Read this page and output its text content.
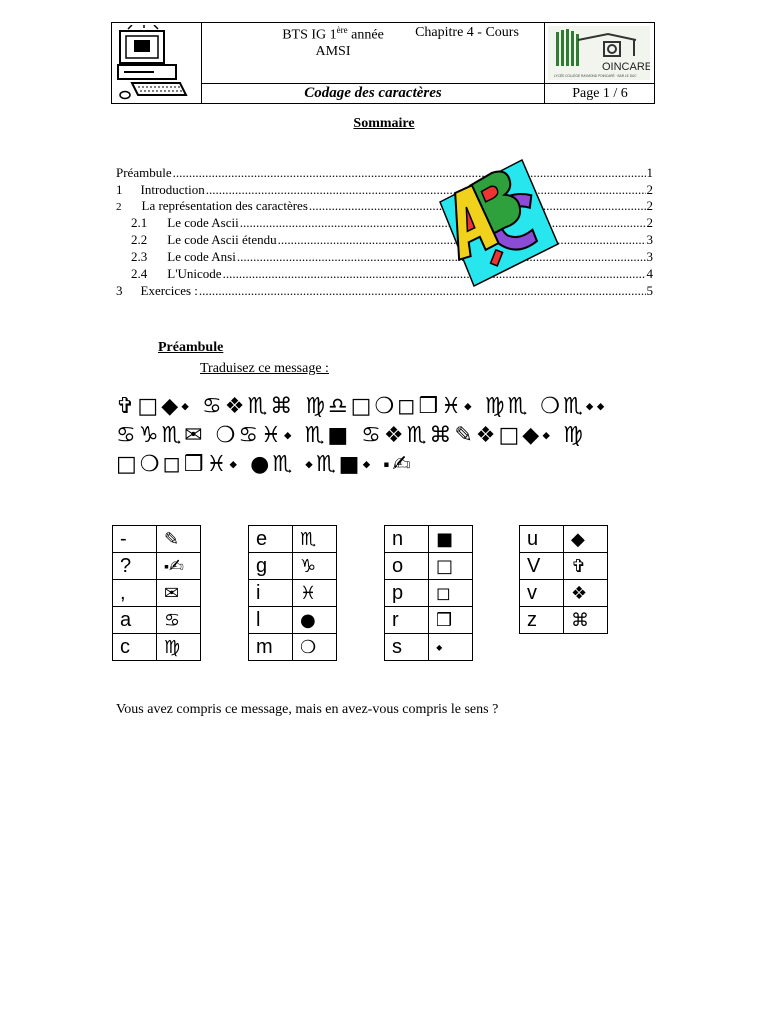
BTS IG 1ère année
AMSI
Chapitre 4 - Cours
OINCARE
LYCÉE COLLÈGE RAYMOND POINCARÉ · BAR LE DUC
Codage des caractères	Page 1 / 6
Sommaire
Préambule .....	1
1 Introduction .....	2
2 La représentation des caractères .....	2
2.1 Le code Ascii .....	2
2.2 Le code Ascii étendu .....	3
2.3 Le code Ansi .....	3
2.4 L'Unicode .....	4
3 Exercices : .....	5
Préambule
Traduisez ce message :
✞□◆⬩ ♋❖♏⌘ ♍♎□❍◻❒♓⬩ ♍♏ ❍♏⬩⬩
♋♑♏✉ ❍♋♓⬩ ♏■ ♋❖♏⌘✎❖□◆⬩ ♍
□❍◻❒♓⬩ ●♏ ⬩♏■⬩ ⬝✍
-	✎
?	⬝✍
,	✉
a	♋
c	♍
e	♏
g	♑
i	♓
l	●
m	❍
n	■
o	□
p	◻
r	❒
s	⬩
u	◆
V	✞
v	❖
z	⌘
Vous avez compris ce message, mais en avez-vous compris le sens ?
